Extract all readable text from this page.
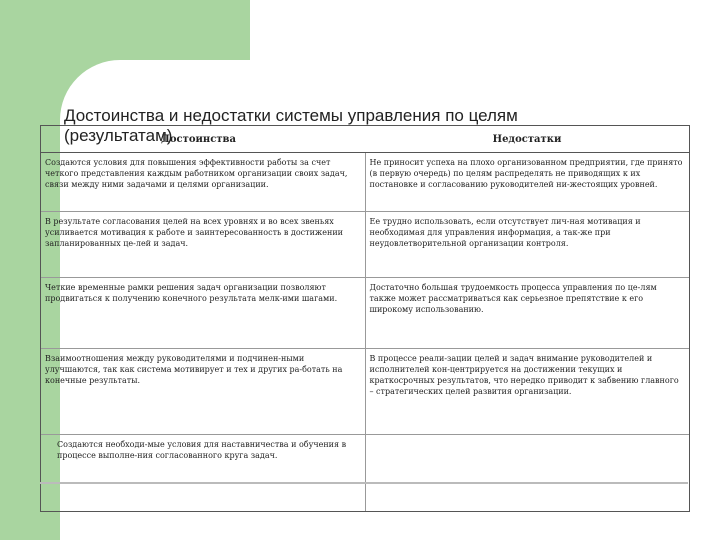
Достоинства	Недостатки
Создаются условия для повышения эффективности работы за счет четкого представления каждым работником организации своих задач, связи между ними задачами и целями организации.	Не приносит успеха на плохо организованном предприятии, где принято (в первую очередь) по целям распределять не приводящих к их постановке и согласованию руководителей ни-жестоящих уровней.
В результате согласования целей на всех уровнях и во всех звеньях усиливается мотивация к работе и заинтересованность в достижении запланированных це-лей и задач.	Ее трудно использовать, если отсутствует лич-ная мотивация и необходимая для управления информация, а так-же при неудовлетворительной организации контроля.
Четкие временные рамки решения задач организации позволяют продвигаться к получению конечного результата мелк-ими шагами.	Достаточно большая трудоемкость процесса управления по це-лям также может рассматриваться как серьезное препятствие к его широкому использованию.
Взаимоотношения между руководителями и подчинен-ными улучшаются, так как система мотивирует и тех и других ра-ботать на конечные результаты.	В процессе реали-зации целей и задач внимание руководителей и исполнителей кон-центрируется на достижении текущих и краткосрочных результатов, что нередко приводит к забвению главного – стратегических целей развития организации.
Создаются необходи-мые условия для наставничества и обучения в процессе выполне-ния согласованного круга задач.	
Достоинства и недостатки системы управления по целям
(результатам)
